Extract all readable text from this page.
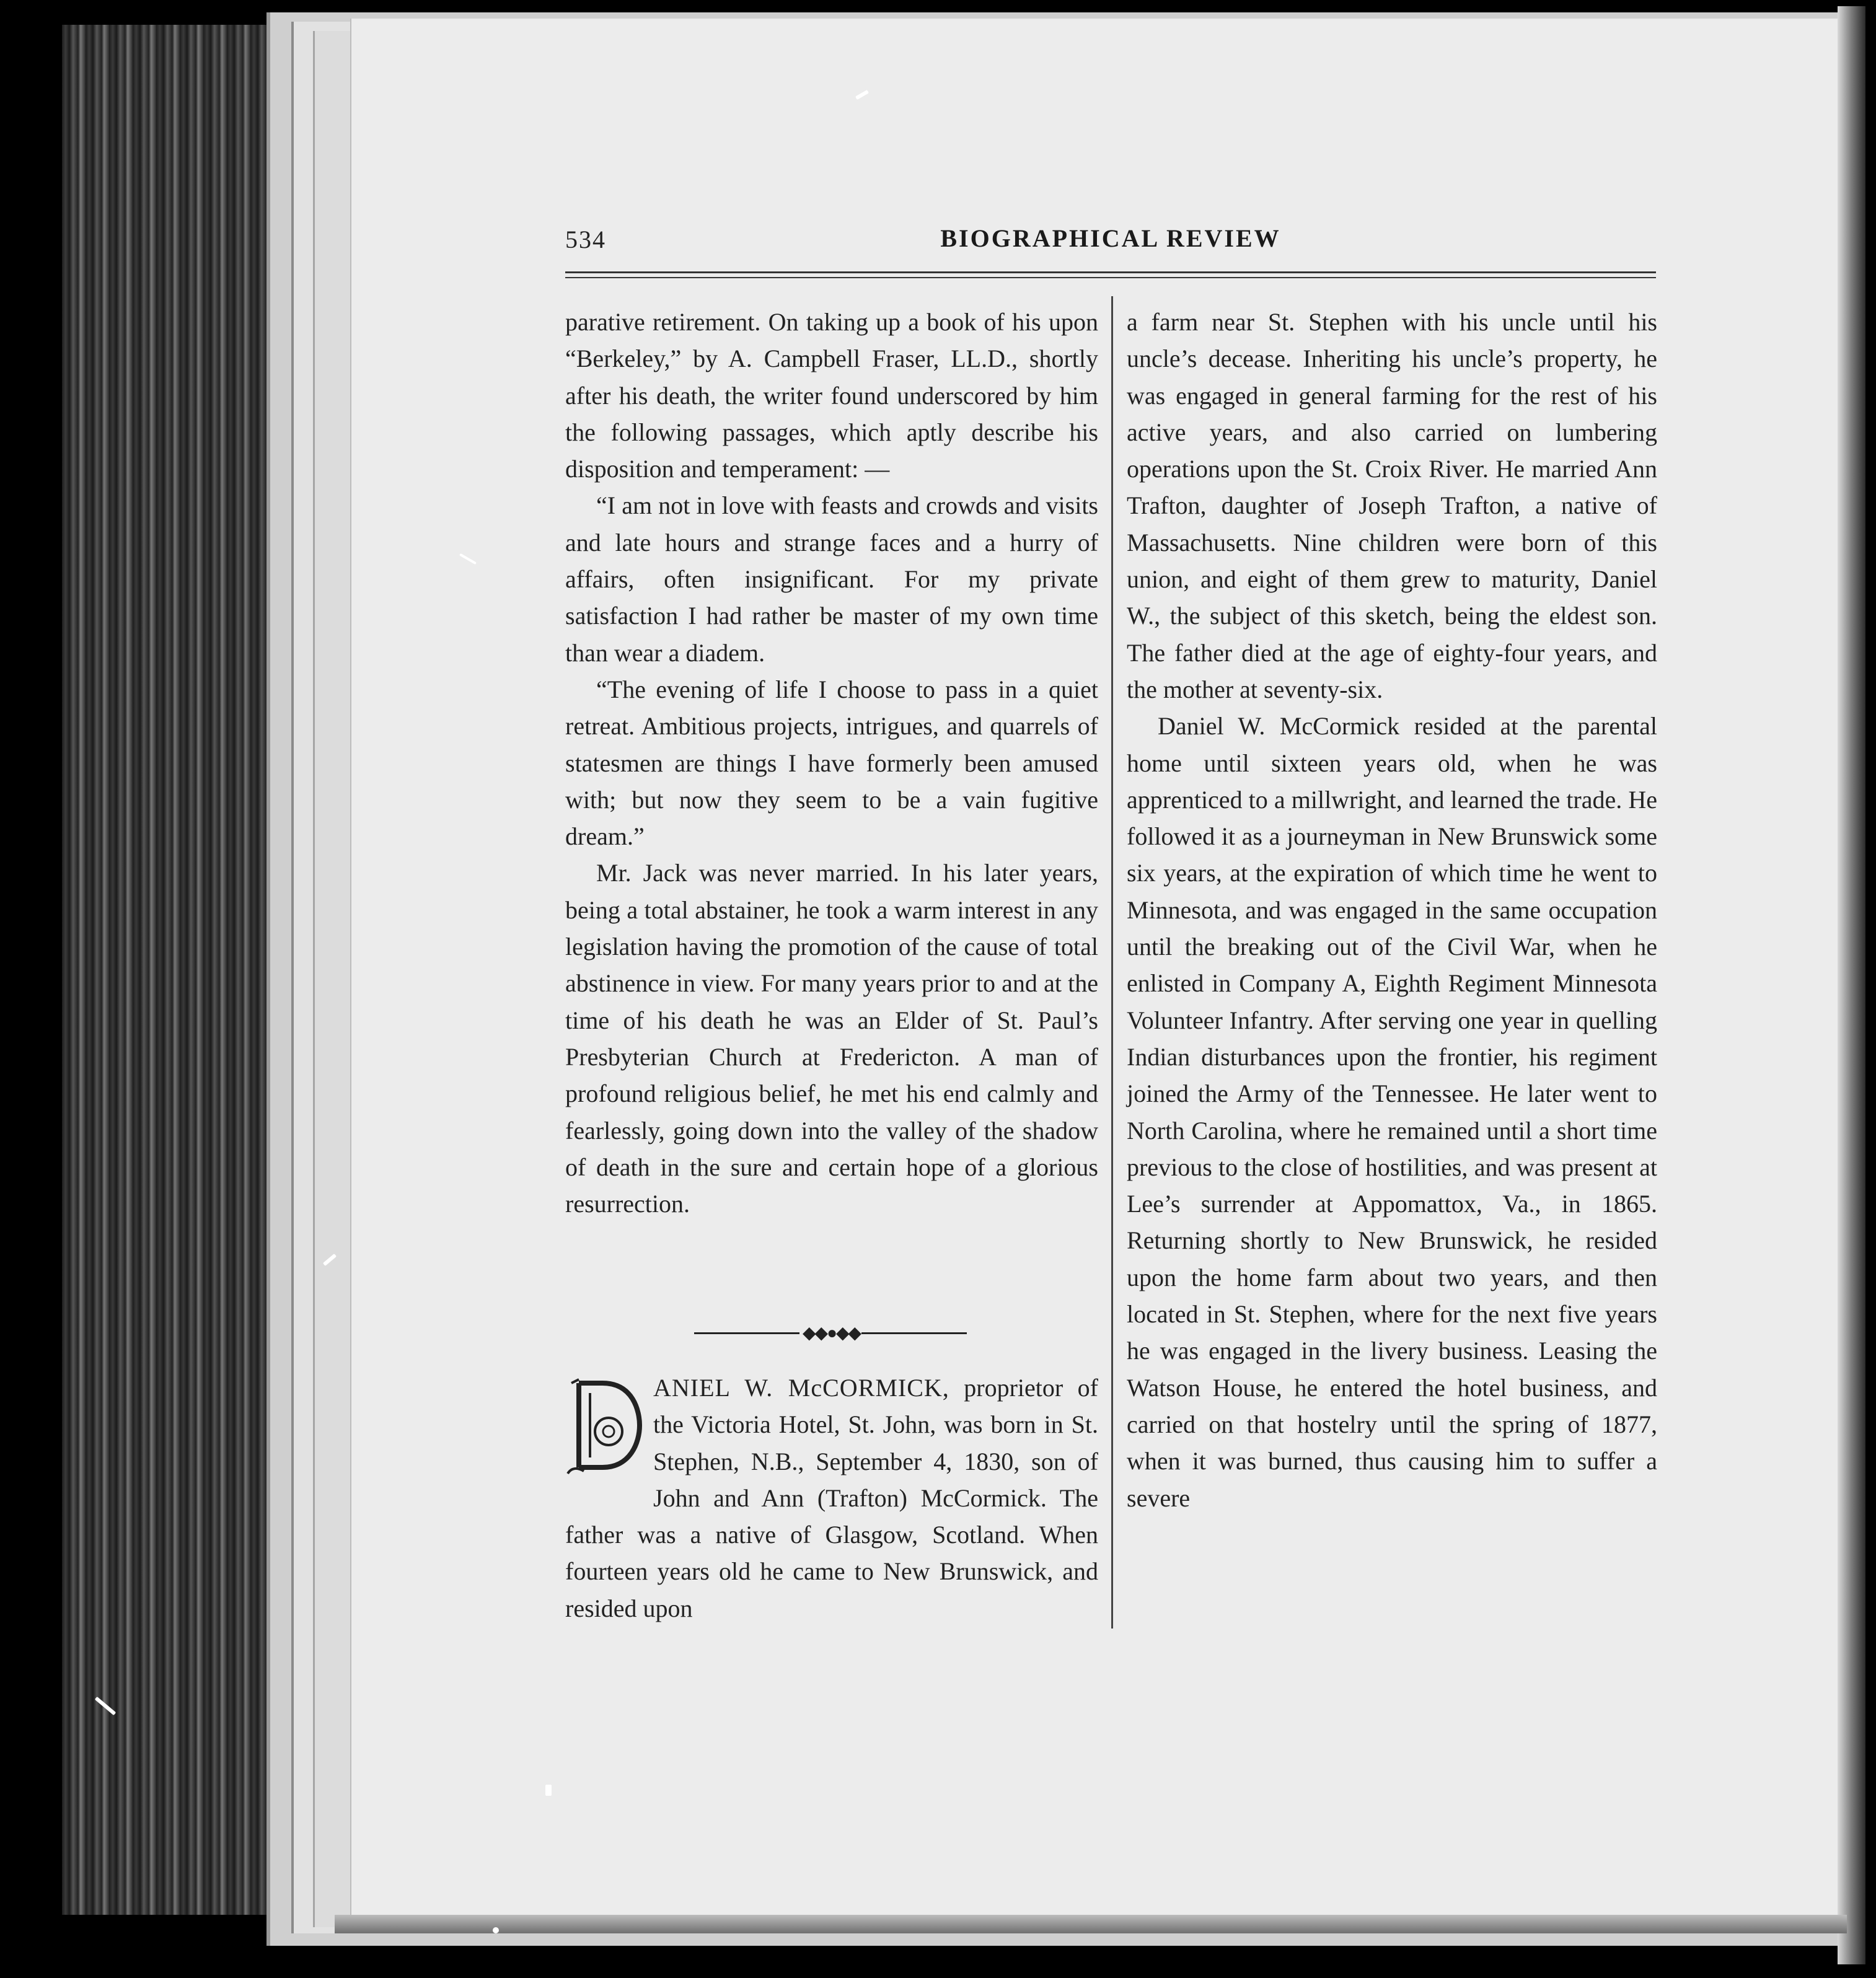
534	BIOGRAPHICAL REVIEW

parative retirement. On taking up a book of his upon “Berkeley,” by A. Campbell Fraser, LL.D., shortly after his death, the writer found underscored by him the following passages, which aptly describe his disposition and temperament: —

“I am not in love with feasts and crowds and visits and late hours and strange faces and a hurry of affairs, often insignificant. For my private satisfaction I had rather be master of my own time than wear a diadem.

“The evening of life I choose to pass in a quiet retreat. Ambitious projects, intrigues, and quarrels of statesmen are things I have formerly been amused with; but now they seem to be a vain fugitive dream.”

Mr. Jack was never married. In his later years, being a total abstainer, he took a warm interest in any legislation having the promotion of the cause of total abstinence in view. For many years prior to and at the time of his death he was an Elder of St. Paul’s Presbyterian Church at Fredericton. A man of profound religious belief, he met his end calmly and fearlessly, going down into the valley of the shadow of death in the sure and certain hope of a glorious resurrection.

◆◆●◆◆
D	ANIEL W. McCORMICK, proprietor of the Victoria Hotel, St. John, was born in St. Stephen, N.B., September 4, 1830, son of John and Ann (Trafton) McCormick. The father was a native of Glasgow, Scotland. When fourteen years old he came to New Brunswick, and resided upon

a farm near St. Stephen with his uncle until his uncle’s decease. Inheriting his uncle’s property, he was engaged in general farming for the rest of his active years, and also carried on lumbering operations upon the St. Croix River. He married Ann Trafton, daughter of Joseph Trafton, a native of Massachusetts. Nine children were born of this union, and eight of them grew to maturity, Daniel W., the subject of this sketch, being the eldest son. The father died at the age of eighty-four years, and the mother at seventy-six.

Daniel W. McCormick resided at the parental home until sixteen years old, when he was apprenticed to a millwright, and learned the trade. He followed it as a journeyman in New Brunswick some six years, at the expiration of which time he went to Minnesota, and was engaged in the same occupation until the breaking out of the Civil War, when he enlisted in Company A, Eighth Regiment Minnesota Volunteer Infantry. After serving one year in quelling Indian disturbances upon the frontier, his regiment joined the Army of the Tennessee. He later went to North Carolina, where he remained until a short time previous to the close of hostilities, and was present at Lee’s surrender at Appomattox, Va., in 1865. Returning shortly to New Brunswick, he resided upon the home farm about two years, and then located in St. Stephen, where for the next five years he was engaged in the livery business. Leasing the Watson House, he entered the hotel business, and carried on that hostelry until the spring of 1877, when it was burned, thus causing him to suffer a severe
